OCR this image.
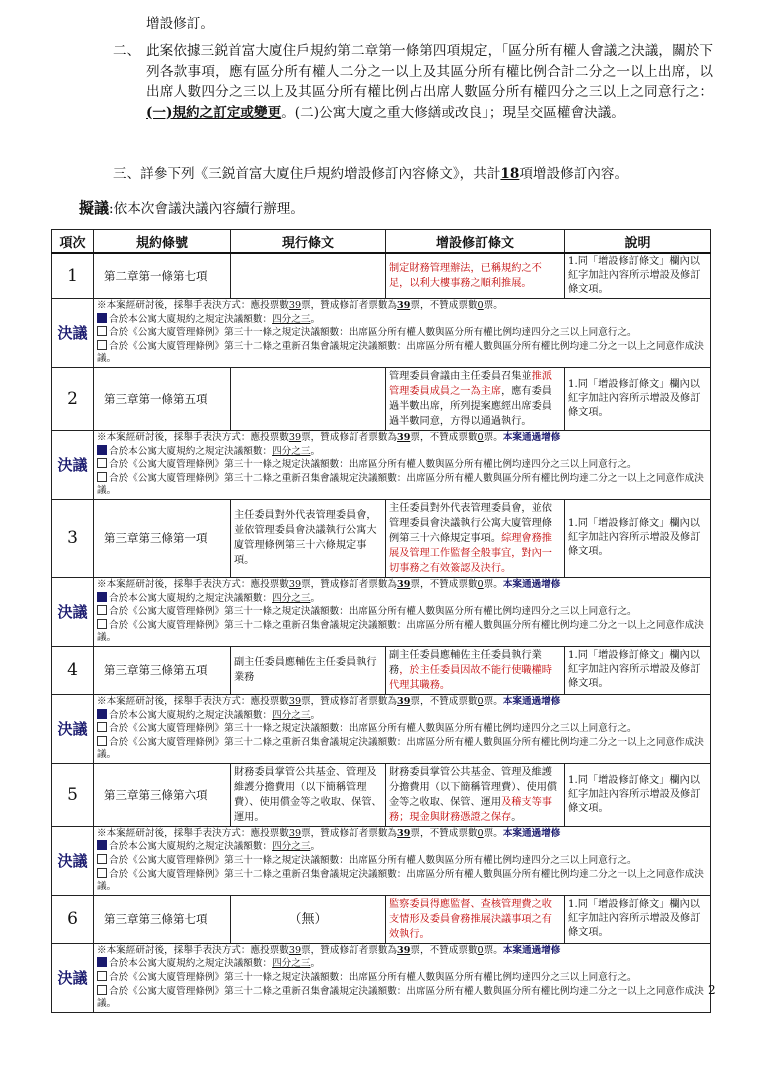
增設修訂。
二、 此案依據三鋭首富大廈住戶規約第二章第一條第四項規定，「區分所有權人會議之決議，關於下列各款事項，應有區分所有權人二分之一以上及其區分所有權比例合計二分之一以上出席，以出席人數四分之三以上及其區分所有權比例占出席人數區分所有權四分之三以上之同意行之：(一)規約之訂定或變更。(二)公寓大廈之重大修繕或改良」；現呈交區權會決議。
三、詳參下列《三鋭首富大廈住戶規約增設修訂內容條文》，共計18項增設修訂內容。
擬議:依本次會議決議內容續行辦理。
項次	規約條號	現行條文	增設修訂條文	說明
1	第二章第一條第七項		制定財務管理辦法，已稱規約之不足，以利大樓事務之順利推展。	1.同「增設修訂條文」欄內以紅字加註內容所示增設及修訂條文項。
決議	※本案經研討後，採舉手表決方式：應投票數39票，贊成修訂者票數為39票，不贊成票數0票。
合於本公寓大廈規約之規定決議額數：四分之三。
合於《公寓大廈管理條例》第三十一條之規定決議額數：出席區分所有權人數與區分所有權比例均達四分之三以上同意行之。
合於《公寓大廈管理條例》第三十二條之重新召集會議規定決議額數：出席區分所有權人數與區分所有權比例均達二分之一以上之同意作成決議。			

2	第三章第一條第五項		管理委員會議由主任委員召集並推派管理委員成員之一為主席，應有委員過半數出席，所列提案應經出席委員過半數同意，方得以通過執行。	1.同「增設修訂條文」欄內以紅字加註內容所示增設及修訂條文項。
決議	※本案經研討後，採舉手表決方式：應投票數39票，贊成修訂者票數為39票，不贊成票數0票。本案通過增修
合於本公寓大廈規約之規定決議額數：四分之三。
合於《公寓大廈管理條例》第三十一條之規定決議額數：出席區分所有權人數與區分所有權比例均達四分之三以上同意行之。
合於《公寓大廈管理條例》第三十二條之重新召集會議規定決議額數：出席區分所有權人數與區分所有權比例均達二分之一以上之同意作成決議。			

3	第三章第三條第一項	主任委員對外代表管理委員會，並依管理委員會決議執行公寓大廈管理條例第三十六條規定事項。	主任委員對外代表管理委員會，並依管理委員會決議執行公寓大廈管理條例第三十六條規定事項。綜理會務推展及管理工作監督全般事宜，對內一切事務之有效簽認及決行。	1.同「增設修訂條文」欄內以紅字加註內容所示增設及修訂條文項。
決議	※本案經研討後，採舉手表決方式：應投票數39票，贊成修訂者票數為39票，不贊成票數0票。本案通過增修
合於本公寓大廈規約之規定決議額數：四分之三。
合於《公寓大廈管理條例》第三十一條之規定決議額數：出席區分所有權人數與區分所有權比例均達四分之三以上同意行之。
合於《公寓大廈管理條例》第三十二條之重新召集會議規定決議額數：出席區分所有權人數與區分所有權比例均達二分之一以上之同意作成決議。			

4	第三章第三條第五項	副主任委員應輔佐主任委員執行業務	副主任委員應輔佐主任委員執行業務，於主任委員因故不能行使職權時代理其職務。	1.同「增設修訂條文」欄內以紅字加註內容所示增設及修訂條文項。
決議	※本案經研討後，採舉手表決方式：應投票數39票，贊成修訂者票數為39票，不贊成票數0票。本案通過增修
合於本公寓大廈規約之規定決議額數：四分之三。
合於《公寓大廈管理條例》第三十一條之規定決議額數：出席區分所有權人數與區分所有權比例均達四分之三以上同意行之。
合於《公寓大廈管理條例》第三十二條之重新召集會議規定決議額數：出席區分所有權人數與區分所有權比例均達二分之一以上之同意作成決議。			

5	第三章第三條第六項	財務委員掌管公共基金、管理及維護分擔費用（以下簡稱管理費）、使用償金等之收取、保管、運用。	財務委員掌管公共基金、管理及維護分擔費用（以下簡稱管理費）、使用償金等之收取、保管、運用及稽支等事務；現金與財務憑證之保存。	1.同「增設修訂條文」欄內以紅字加註內容所示增設及修訂條文項。
決議	※本案經研討後，採舉手表決方式：應投票數39票，贊成修訂者票數為39票，不贊成票數0票。本案通過增修
合於本公寓大廈規約之規定決議額數：四分之三。
合於《公寓大廈管理條例》第三十一條之規定決議額數：出席區分所有權人數與區分所有權比例均達四分之三以上同意行之。
合於《公寓大廈管理條例》第三十二條之重新召集會議規定決議額數：出席區分所有權人數與區分所有權比例均達二分之一以上之同意作成決議。			

6	第三章第三條第七項	（無）	監察委員得應監督、查核管理費之收支情形及委員會務推展決議事項之有效執行。	1.同「增設修訂條文」欄內以紅字加註內容所示增設及修訂條文項。
決議	※本案經研討後，採舉手表決方式：應投票數39票，贊成修訂者票數為39票，不贊成票數0票。本案通過增修
合於本公寓大廈規約之規定決議額數：四分之三。
合於《公寓大廈管理條例》第三十一條之規定決議額數：出席區分所有權人數與區分所有權比例均達四分之三以上同意行之。
合於《公寓大廈管理條例》第三十二條之重新召集會議規定決議額數：出席區分所有權人數與區分所有權比例均達二分之一以上之同意作成決議。			
2
